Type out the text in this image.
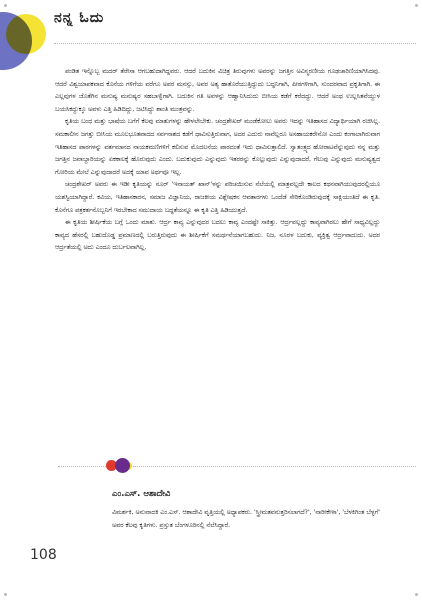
ನನ್ನ ಓದು

ಪಂಡಿತ ಇನ್ನೊಬ್ಬ ಮದರ್ ತೆರೇಸಾ ಆಗಬಹುದಾಗಿದ್ದವರು. ಆದರೆ ಬದುಕಿನ ವಿಚಿತ್ರ ತಿರುವುಗಳು ಅವರನ್ನು ಜಗತ್ತಿನ ಅವಿಸ್ಮರಣೀಯ ಗೂಢಚಾರಿಣಿಯಾಗಿಸಿದವು. ಆದರೆ ವಿಶ್ವಯಾಪಕವಾದ ಕೊನೆಯ ಗಳಿಗೆಯ ವರೆಗೂ ಅವರ ಮನಸ್ಸು, ಅವರ ಅತ್ಯ ಹಾತೊರೆಯುತ್ತಿದ್ದುದು ಬದ್ಧನಿಗಾಗಿ, ಪೀಠಗಳಿಗಾಗಿ, ಸುಂದರವಾದ ಪ್ರಕೃತಿಗಾಗಿ. ಈ ಎಲ್ಲವುಗಳ ಜೊತೆಗಿನ ಮನುಷ್ಯ ಮನುಷ್ಯರ ಸಹಬಾಳ್ವೆಗಾಗಿ. ಬದುಕಿನ ಗತಿ ಅವಳನ್ನು ಆಹ್ವಾನಿಸಿದುದು ಬೀಸಿಯ ಕಡೆಗೆ ಕರೆದದ್ದು. ಆದರೆ ಅಂಥ ಉಲ್ಲಸಿತವೆಯ್ದುಳ ಬಯಸಿಕದ್ದುಕ್ಕೂ ಅವಳು ಎತ್ತಿ ಹಿಡಿದಿದ್ದು, ಜಟಿಸಿದ್ದು ಶಾಂತಿ ಮಂತ್ರವನ್ನು.

ಕೃತಿಯ ಬಂಧ ಮತ್ತು ಭಾಷೆಯ ಬಗೆಗೆ ಕೆಲವು ಮಾತುಗಳನ್ನು ಹೇಳಲೇಬೇಕು. ಚಂದ್ರಶೇಖರ್ ಮಂಡೆಕೋಲು ಅವರು ಇದನ್ನು ಇತಿಹಾಸದ ವಿದ್ಯಾರ್ಥಿಯಾಗಿ ರಚಿಸಿಲ್ಲ. ಸಮಕಾಲೀನ ಜಗತ್ತು ಬೀಸಿಯ ಮೂಲಭೂತವಾದದ ಸರ್ವನಾಶದ ಕಡೆಗೆ ಧಾವಿಸುತ್ತಿರುವಾಗ, ಅದರ ಎದುರು ನಾವೆಲ್ಲರೂ ಅಸಹಾಯಕರೇನೋ ಎಂದು ಕಂಗಾಲಾಗಿರುವಾಗ ಇತಿಹಾಸದ ಪಾಠಗಳನ್ನು ವರ್ತಮಾನದ ನಾಯಕಮಣಿಗಳಿಗೆ ಕಲಿಸುವ ಮೊದಲನೆಯ ಪಾಠದಂತೆ ಇದು ಧಾವಿಸುತ್ತಾಲಿದೆ. ಸ್ವಾತಂತ್ರ್ಯದ ಹೋರಾಟವೆನ್ನುವುದು ನನ್ನ ಮತ್ತು ಜಗತ್ತಿನ ಜವಾಬ್ದಾರಿಯನ್ನು ಏಕಕಾಲಕ್ಕೆ ಹೊರುವುದು ಎಂದು. ಬದುಕುವುದು ಎನ್ನುವುದು ಇತರರನ್ನು ಕೊಲ್ಲುವುದು ಎನ್ನುವುದಾದರೆ, ಗೆಲುವು ಎನ್ನುವುದು ಮನುಷ್ಯತ್ವದ ಗೋರಿಯ ಮೇಲೆ ಎನ್ನುವುದಾದರೆ ಅದಕ್ಕೆ ಯಾವ ಅರ್ಥವೂ ಇಲ್ಲ.

ಚಂದ್ರಶೇಖರ್ ಅವರು ಈ ಇಡೀ ಕೃತಿಯನ್ನು ನೂರ್ 'ಇನಾಯತ್ ಖಾನ್'ಳನ್ನು ಪರಿಚಯಿಸುವ ನೆಲೆಯಲ್ಲಿ ಮಾತ್ರವಲ್ಲದೇ ಕಾಲದ ಕಥನವಾಗಿಯುವುದರಲ್ಲಿಯೂ ಯಶಸ್ವಿಯಾಗಿದ್ದಾರೆ. ಕವಿಯ, ಇತಿಹಾಸಕಾರನ, ಸಮಾಜ ವಿಜ್ಞಾನಿಯ, ರಾಜಕೀಯ ವಿಶ್ಲೇಷಕನ ಆವತಾರಗಳು ಒಂದೆಡೆ ಸೇರಿಕೊಂಡಿರುವುದಕ್ಕೆ ಸಾಕ್ಷಿಯಂತಿದೆ ಈ ಕೃತಿ. ಕೊನೆಗೂ ಪತ್ರಕರ್ತನೊಬ್ಬನಿಗೆ ಇರಬೇಕಾದ ಸಮುದಾಯ ಬದ್ಧತೆಯನ್ನೂ ಈ ಕೃತಿ ಎತ್ತಿ ಹಿಡಿಯುತ್ತದೆ.

ಈ ಕೃತಿಯ ಶೀರ್ಷಿಕೆಯ ಬಗ್ಗೆ ಒಂದು ಮಾತು. ಆರ್ದ್ರ ಕಾವ್ಯ ಎನ್ನುವುದರ ಬದಲು ಕಾವ್ಯ ಎಂದಷ್ಟೇ ಸಾಕಿತ್ತು. ಆರ್ದ್ರವಲ್ಲದ್ದು ಕಾವ್ಯವಾಗಿರಲು ಹೇಗೆ ಸಾಧ್ಯವಿಲ್ಲದ್ದು ಕಾವ್ಯದ ಹೆಸರಲ್ಲಿ ಬಹುದೊಡ್ಡ ಪ್ರಮಾಣದಲ್ಲಿ ಬರುತ್ತಿರುವುದು ಈ ಶೀರ್ಷಿಕೆಗೆ ಸಮರ್ಥನೆಯಾಗಬಹುದು. ನಿಜ, ನೂರಳ ಬದುಕು, ವ್ಯಕ್ತಿತ್ವ ಆರ್ದ್ರವಾದುದು. ಅದರ ಆರ್ದ್ರತೆಯಲ್ಲಿ ಅದು ಎಂದೂ ದುರ್ಬಲವಾಗಿಲ್ಲ.

ಎಂ.ಎಸ್. ಆಶಾದೇವಿ
ವಿಮರ್ಶಕಿ, ಅನುವಾದಕಿ ಎಂ.ಎಸ್. ಆಶಾದೇವಿ ವೃತ್ತಿಯಲ್ಲಿ ಅಧ್ಯಾಪಕರು. 'ಸ್ತ್ರೀಮತವನುತ್ತರಿಸಲಾಗದೆ?', 'ನಾರೀಕೇಳಾ', 'ಬೆಳಕಿಗಿಂತ ಬೆಳ್ಳಗೆ' ಅವರ ಕೆಲವು ಕೃತಿಗಳು. ಪ್ರಸ್ತುತ ಬೆಂಗಳೂರಿನಲ್ಲಿ ನೆಲೆಸಿದ್ದಾರೆ.
108
